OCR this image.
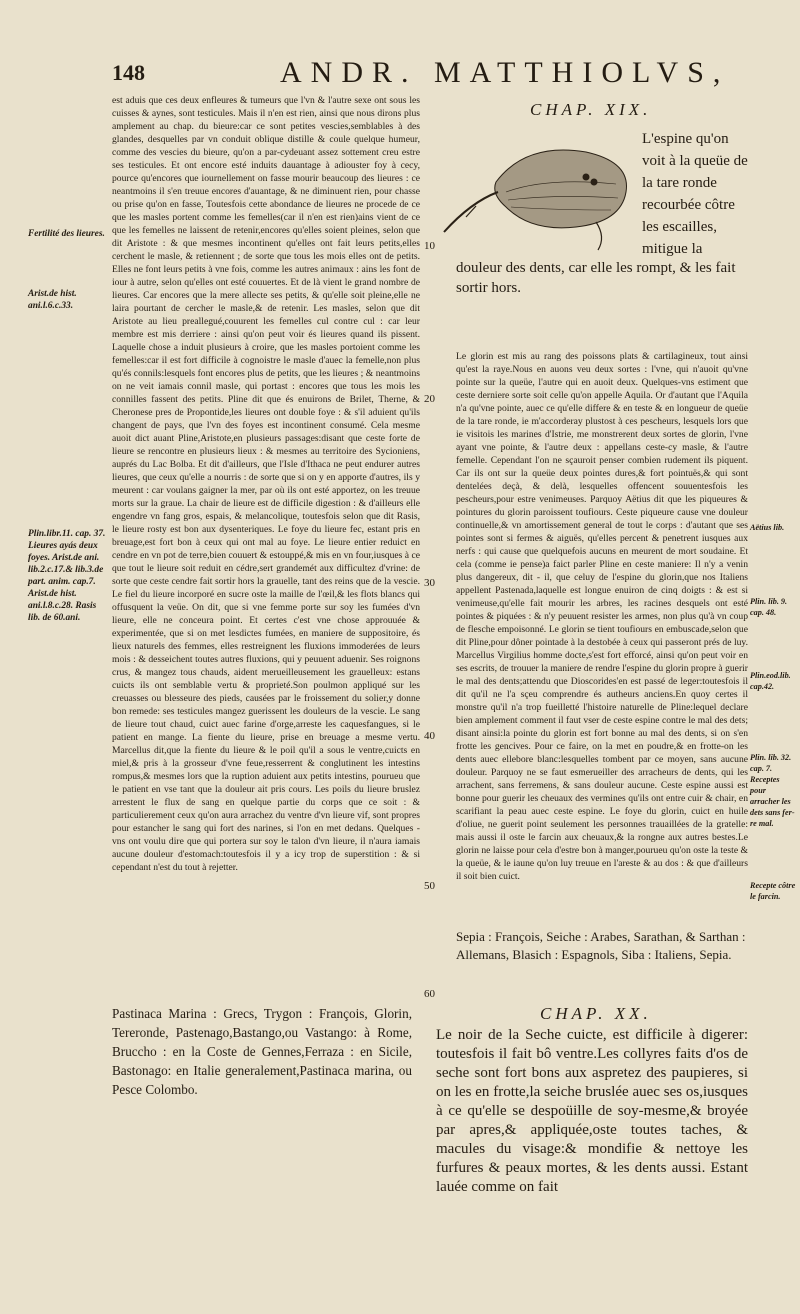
148	ANDR. MATTHIOLVS,
CHAP. XIX.
L'espine qu'on voit à la queüe de la tare ronde recourbée côtre les escailles, mitigue la
douleur des dents, car elle les rompt, & les fait sortir hors.

est aduis que ces deux enfleures & tumeurs que l'vn & l'autre sexe ont sous les cuisses & aynes, sont testicules. Mais il n'en est rien, ainsi que nous dirons plus amplement au chap. du bieure:car ce sont petites vescies,semblables à des glandes, desquelles par vn conduit oblique distille & coule quelque humeur, comme des vescies du bieure, qu'on a par-cydeuant assez sottement creu estre ses testicules. Et ont encore esté induits dauantage à adiouster foy à cecy, pource qu'encores que iournellement on fasse mourir beaucoup des lieures : ce neantmoins il s'en treuue encores d'auantage, & ne diminuent rien, pour chasse ou prise qu'on en fasse, Toutesfois cette abondance de lieures ne procede de ce que les masles portent comme les femelles(car il n'en est rien)ains vient de ce que les femelles ne laissent de retenir,encores qu'elles soient pleines, selon que dit Aristote : & que mesmes incontinent qu'elles ont fait leurs petits,elles cerchent le masle, & retiennent ; de sorte que tous les mois elles ont de petits. Elles ne font leurs petits à vne fois, comme les autres animaux : ains les font de iour à autre, selon qu'elles ont esté couuertes. Et de là vient le grand nombre de lieures. Car encores que la mere allecte ses petits, & qu'elle soit pleine,elle ne laira pourtant de cercher le masle,& de retenir. Les masles, selon que dit Aristote au lieu preallegué,couurent les femelles cul contre cul : car leur membre est mis derriere : ainsi qu'on peut voir és lieures quand ils pissent. Laquelle chose a induit plusieurs à croire, que les masles portoient comme les femelles:car il est fort difficile à cognoistre le masle d'auec la femelle,non plus qu'és connils:lesquels font encores plus de petits, que les lieures ; & neantmoins on ne veit iamais connil masle, qui portast : encores que tous les mois les connilles fassent des petits. Pline dit que és enuirons de Brilet, Therne, & Cheronese pres de Propontide,les lieures ont double foye : & s'il aduient qu'ils changent de pays, que l'vn des foyes est incontinent consumé. Cela mesme auoit dict auant Pline,Aristote,en plusieurs passages:disant que ceste forte de lieure se rencontre en plusieurs lieux : & mesmes au territoire des Sycioniens, auprés du Lac Bolba. Et dit d'ailleurs, que l'Isle d'Ithaca ne peut endurer autres lieures, que ceux qu'elle a nourris : de sorte que si on y en apporte d'autres, ils y meurent : car voulans gaigner la mer, par où ils ont esté apportez, on les treuue morts sur la graue. La chair de lieure est de difficile digestion : & d'ailleurs elle engendre vn fang gros, espais, & melancolique, toutesfois selon que dit Rasis, le lieure rosty est bon aux dysenteriques. Le foye du lieure fec, estant pris en breuage,est fort bon à ceux qui ont mal au foye. Le lieure entier reduict en cendre en vn pot de terre,bien couuert & estouppé,& mis en vn four,iusques à ce que tout le lieure soit reduit en cédre,sert grandemét aux difficultez d'vrine: de sorte que ceste cendre fait sortir hors la grauelle, tant des reins que de la vescie. Le fiel du lieure incorporé en sucre oste la maille de l'œil,& les flots blancs qui offusquent la veüe. On dit, que si vne femme porte sur soy les fumées d'vn lieure, elle ne conceura point. Et certes c'est vne chose approuuée & experimentée, que si on met lesdictes fumées, en maniere de suppositoire, és lieux naturels des femmes, elles restreignent les fluxions immoderées de leurs mois : & desseichent toutes autres fluxions, qui y peuuent aduenir. Ses roignons crus, & mangez tous chauds, aident merueilleusement les grauelleux: estans cuicts ils ont semblable vertu & proprieté.Son poulmon appliqué sur les creuasses ou blesseure des pieds, causées par le froissement du solier,y donne bon remede: ses testicules mangez guerissent les douleurs de la vescie. Le sang de lieure tout chaud, cuict auec farine d'orge,arreste les caquesfangues, si le patient en mange. La fiente du lieure, prise en breuage a mesme vertu. Marcellus dit,que la fiente du lieure & le poil qu'il a sous le ventre,cuicts en miel,& pris à la grosseur d'vne feue,resserrent & conglutinent les intestins rompus,& mesmes lors que la ruption aduient aux petits intestins, pourueu que le patient en vse tant que la douleur ait pris cours. Les poils du lieure bruslez arrestent le flux de sang en quelque partie du corps que ce soit : & particulierement ceux qu'on aura arrachez du ventre d'vn lieure vif, sont propres pour estancher le sang qui fort des narines, si l'on en met dedans. Quelques - vns ont voulu dire que qui portera sur soy le talon d'vn lieure, il n'aura iamais aucune douleur d'estomach:toutesfois il y a icy trop de superstition : & si cependant n'est du tout à rejetter.

Pastinaca Marina : Grecs, Trygon : François, Glorin, Tereronde, Pastenago,Bastango,ou Vastango: à Rome, Bruccho : en la Coste de Gennes,Ferraza : en Sicile, Bastonago: en Italie generalement,Pastinaca marina, ou Pesce Colombo.
Fertilité des lieures.
Arist.de hist. ani.l.6.c.33.
Plin.libr.11. cap. 37. Lieures ayás deux foyes. Arist.de ani. lib.2.c.17.& lib.3.de part. anim. cap.7. Arist.de hist. ani.l.8.c.28. Rasis lib. de 60.ani.
10
20
30
40
50
60

Le glorin est mis au rang des poissons plats & cartilagineux, tout ainsi qu'est la raye.Nous en auons veu deux sortes : l'vne, qui n'auoit qu'vne pointe sur la queüe, l'autre qui en auoit deux. Quelques-vns estiment que ceste derniere sorte soit celle qu'on appelle Aquila. Or d'autant que l'Aquila n'a qu'vne pointe, auec ce qu'elle differe & en teste & en longueur de queüe de la tare ronde, ie m'accorderay plustost à ces pescheurs, lesquels lors que ie visitois les marines d'Istrie, me monstrerent deux sortes de glorin, l'vne ayant vne pointe, & l'autre deux : appellans ceste-cy masle, & l'autre femelle. Cependant l'on ne sçauroit penser combien rudement ils piquent. Car ils ont sur la queüe deux pointes dures,& fort pointuës,& qui sont dentelées deçà, & delà, lesquelles offencent souuentesfois les pescheurs,pour estre venimeuses. Parquoy Aëtius dit que les piqueures & pointures du glorin paroissent toufiours. Ceste piqueure cause vne douleur continuelle,& vn amortissement general de tout le corps : d'autant que ses pointes sont si fermes & aiguës, qu'elles percent & penetrent iusques aux nerfs : qui cause que quelquefois aucuns en meurent de mort soudaine. Et cela (comme ie pense)a faict parler Pline en ceste maniere: Il n'y a venin plus dangereux, dit - il, que celuy de l'espine du glorin,que nos Italiens appellent Pastenada,laquelle est longue enuiron de cinq doigts : & est si venimeuse,qu'elle fait mourir les arbres, les racines desquels ont esté pointes & piquées : & n'y peuuent resister les armes, non plus qu'à vn coup de flesche empoisonné. Le glorin se tient toufiours en embuscade,selon que dit Pline,pour dôner pointade à la destobée à ceux qui passeront prés de luy. Marcellus Virgilius homme docte,s'est fort efforcé, ainsi qu'on peut voir en ses escrits, de trouuer la maniere de rendre l'espine du glorin propre à guerir le mal des dents;attendu que Dioscorides'en est passé de leger:toutesfois il dit qu'il ne l'a sçeu comprendre és autheurs anciens.En quoy certes il monstre qu'il n'a trop fueilletté l'histoire naturelle de Pline:lequel declare bien amplement comment il faut vser de ceste espine contre le mal des dets; disant ainsi:la pointe du glorin est fort bonne au mal des dents, si on s'en frotte les gencives. Pour ce faire, on la met en poudre,& en frotte-on les dents auec ellebore blanc:lesquelles tombent par ce moyen, sans aucune douleur. Parquoy ne se faut esmerueiller des arracheurs de dents, qui les arrachent, sans ferremens, & sans douleur aucune. Ceste espine aussi est bonne pour guerir les cheuaux des vermines qu'ils ont entre cuir & chair, en scarifiant la peau auec ceste espine. Le foye du glorin, cuict en huile d'oliue, ne guerit point seulement les personnes trauaillées de la gratelle: mais aussi il oste le farcin aux cheuaux,& la rongne aux autres bestes.Le glorin ne laisse pour cela d'estre bon à manger,pourueu qu'on oste la teste & la queüe, & le iaune qu'on luy treuue en l'areste & au dos : & que d'ailleurs il soit bien cuict.

Sepia : François, Seiche : Arabes, Sarathan, & Sarthan : Allemans, Blasich : Espagnols, Siba : Italiens, Sepia.
CHAP. XX.
Le noir de la Seche cuicte, est difficile à digerer: toutesfois il fait bô ventre.Les collyres faits d'os de seche sont fort bons aux aspretez des paupieres, si on les en frotte,la seiche bruslée auec ses os,iusques à ce qu'elle se despoüille de soy-mesme,& broyée par apres,& appliquée,oste toutes taches, & macules du visage:& mondifie & nettoye les furfures & peaux mortes, & les dents aussi. Estant lauée comme on fait
Aëtius lib.
Plin. lib. 9. cap. 48.
Plin.eod.lib. cap.42.
Plin. lib. 32. cap. 7. Receptes pour arracher les dets sans fer-re mal.
Recepte côtre le farcin.
